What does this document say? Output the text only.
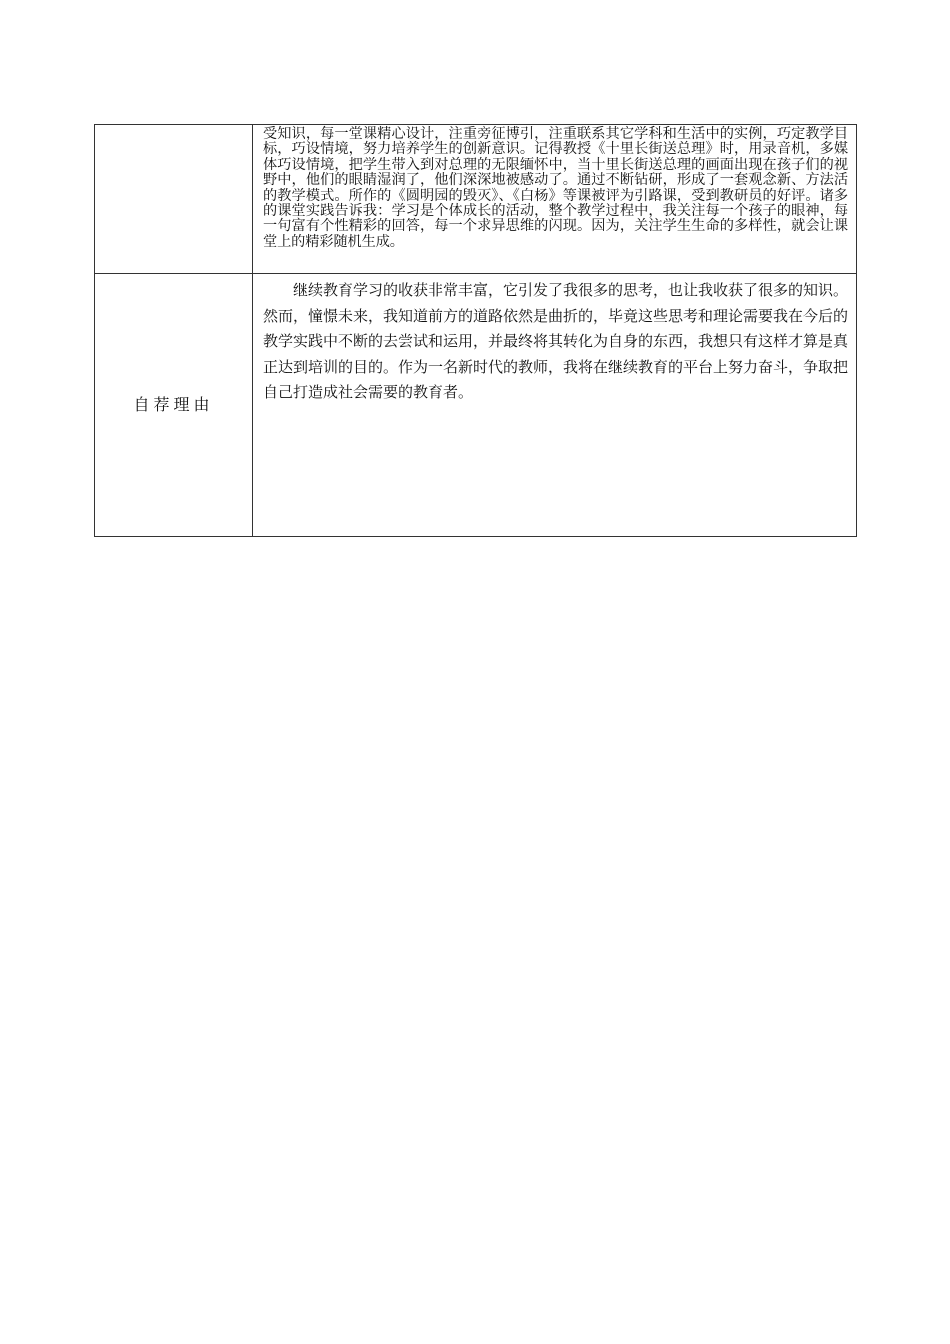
	受知识，每一堂课精心设计，注重旁征博引，注重联系其它学科和生活中的实例，巧定教学目标，巧设情境，努力培养学生的创新意识。记得教授《十里长街送总理》时，用录音机，多媒体巧设情境，把学生带入到对总理的无限缅怀中，当十里长街送总理的画面出现在孩子们的视野中，他们的眼睛湿润了，他们深深地被感动了。通过不断钻研，形成了一套观念新、方法活的教学模式。所作的《圆明园的毁灭》、《白杨》等课被评为引路课，受到教研员的好评。诸多的课堂实践告诉我：学习是个体成长的活动，整个教学过程中，我关注每一个孩子的眼神，每一句富有个性精彩的回答，每一个求异思维的闪现。因为，关注学生生命的多样性，就会让课堂上的精彩随机生成。

自荐理由	继续教育学习的收获非常丰富，它引发了我很多的思考，也让我收获了很多的知识。然而，憧憬未来，我知道前方的道路依然是曲折的，毕竟这些思考和理论需要我在今后的教学实践中不断的去尝试和运用，并最终将其转化为自身的东西，我想只有这样才算是真正达到培训的目的。作为一名新时代的教师，我将在继续教育的平台上努力奋斗，争取把自己打造成社会需要的教育者。
